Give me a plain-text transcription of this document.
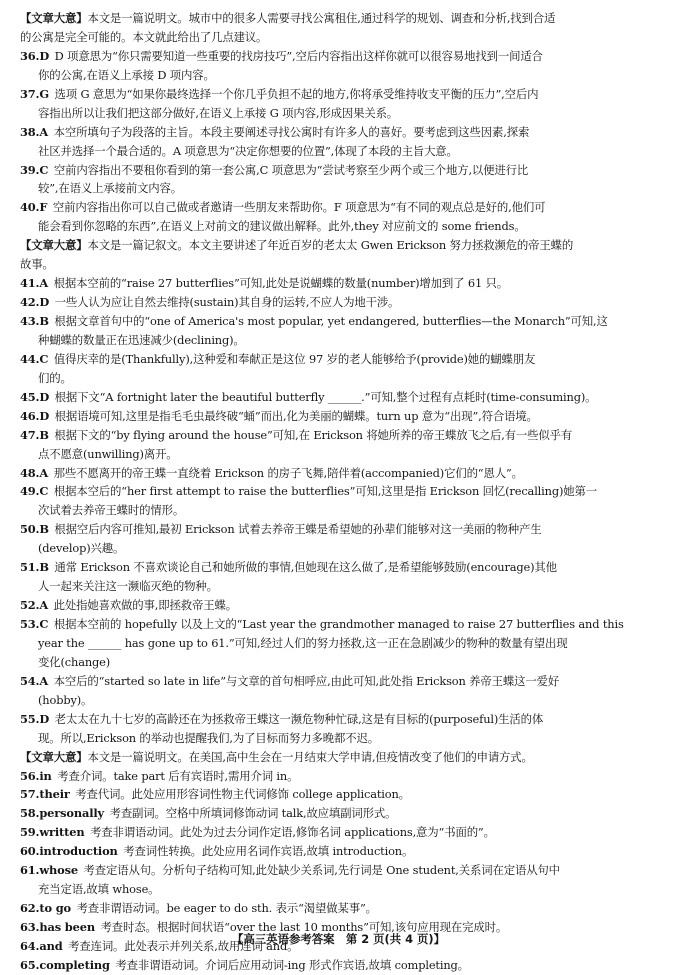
【文章大意】本文是一篇说明文。城市中的很多人需要寻找公寓租住,通过科学的规划、调查和分析,找到合适
的公寓是完全可能的。本文就此给出了几点建议。
36.D  D 项意思为“你只需要知道一些重要的找房技巧”,空后内容指出这样你就可以很容易地找到一间适合
你的公寓,在语义上承接 D 项内容。
37.G  选项 G 意思为“如果你最终选择一个你几乎负担不起的地方,你将承受维持收支平衡的压力”,空后内
容指出所以让我们把这部分做好,在语义上承接 G 项内容,形成因果关系。
38.A  本空所填句子为段落的主旨。本段主要阐述寻找公寓时有许多人的喜好。要考虑到这些因素,探索
社区并选择一个最合适的。A 项意思为“决定你想要的位置”,体现了本段的主旨大意。
39.C  空前内容指出不要租你看到的第一套公寓,C 项意思为“尝试考察至少两个或三个地方,以便进行比
较”,在语义上承接前文内容。
40.F  空前内容指出你可以自己做或者邀请一些朋友来帮助你。F 项意思为“有不同的观点总是好的,他们可
能会看到你忽略的东西”,在语义上对前文的建议做出解释。此外,they 对应前文的 some friends。
【文章大意】本文是一篇记叙文。本文主要讲述了年近百岁的老太太 Gwen Erickson 努力拯救濒危的帝王蝶的
故事。
41.A  根据本空前的“raise 27 butterflies”可知,此处是说蝴蝶的数量(number)增加到了 61 只。
42.D  一些人认为应让自然去维持(sustain)其自身的运转,不应人为地干涉。
43.B  根据文章首句中的“one of America's most popular, yet endangered, butterflies—the Monarch”可知,这
种蝴蝶的数量正在迅速减少(declining)。
44.C  值得庆幸的是(Thankfully),这种爱和奉献正是这位 97 岁的老人能够给予(provide)她的蝴蝶朋友
们的。
45.D  根据下文“A fortnight later the beautiful butterfly ______.”可知,整个过程有点耗时(time-consuming)。
46.D  根据语境可知,这里是指毛毛虫最终破“蛹”而出,化为美丽的蝴蝶。turn up 意为“出现”,符合语境。
47.B  根据下文的“by flying around the house”可知,在 Erickson 将她所养的帝王蝶放飞之后,有一些似乎有
点不愿意(unwilling)离开。
48.A  那些不愿离开的帝王蝶一直绕着 Erickson 的房子飞舞,陪伴着(accompanied)它们的“恩人”。
49.C  根据本空后的“her first attempt to raise the butterflies”可知,这里是指 Erickson 回忆(recalling)她第一
次试着去养帝王蝶时的情形。
50.B  根据空后内容可推知,最初 Erickson 试着去养帝王蝶是希望她的孙辈们能够对这一美丽的物种产生
(develop)兴趣。
51.B  通常 Erickson 不喜欢谈论自己和她所做的事情,但她现在这么做了,是希望能够鼓励(encourage)其他
人一起来关注这一濒临灭绝的物种。
52.A  此处指她喜欢做的事,即拯救帝王蝶。
53.C  根据本空前的 hopefully 以及上文的“Last year the grandmother managed to raise 27 butterflies and this
year the ______ has gone up to 61.”可知,经过人们的努力拯救,这一正在急剧减少的物种的数量有望出现
变化(change)
54.A  本空后的“started so late in life”与文章的首句相呼应,由此可知,此处指 Erickson 养帝王蝶这一爱好
(hobby)。
55.D  老太太在九十七岁的高龄还在为拯救帝王蝶这一濒危物种忙碌,这是有目标的(purposeful)生活的体
现。所以,Erickson 的举动也提醒我们,为了目标而努力多晚都不迟。
【文章大意】本文是一篇说明文。在美国,高中生会在一月结束大学申请,但疫情改变了他们的申请方式。
56.in  考查介词。take part 后有宾语时,需用介词 in。
57.their  考查代词。此处应用形容词性物主代词修饰 college application。
58.personally  考查副词。空格中所填词修饰动词 talk,故应填副词形式。
59.written  考查非谓语动词。此处为过去分词作定语,修饰名词 applications,意为“书面的”。
60.introduction  考查词性转换。此处应用名词作宾语,故填 introduction。
61.whose  考查定语从句。分析句子结构可知,此处缺少关系词,先行词是 One student,关系词在定语从句中
充当定语,故填 whose。
62.to go  考查非谓语动词。be eager to do sth. 表示“渴望做某事”。
63.has been  考查时态。根据时间状语“over the last 10 months”可知,该句应用现在完成时。
64.and  考查连词。此处表示并列关系,故用连词 and。
65.completing  考查非谓语动词。介词后应用动词-ing 形式作宾语,故填 completing。
【高三英语参考答案　第 2 页(共 4 页)】
